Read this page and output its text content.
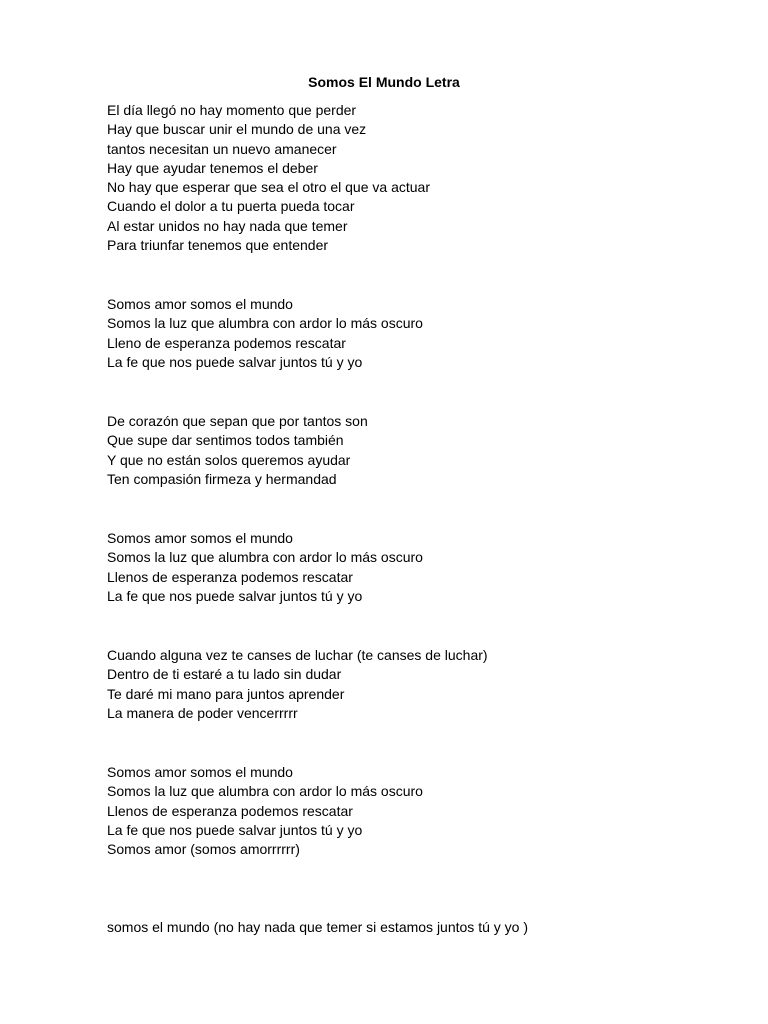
Somos El Mundo Letra
El día llegó no hay momento que perder
Hay que buscar unir el mundo de una vez
tantos necesitan un nuevo amanecer
Hay que ayudar tenemos el deber
No hay que esperar que sea el otro el que va actuar
Cuando el dolor a tu puerta pueda tocar
Al estar unidos no hay nada que temer
Para triunfar tenemos que entender
Somos amor somos el mundo
Somos la luz que alumbra con ardor lo más oscuro
Lleno de esperanza podemos rescatar
La fe que nos puede salvar juntos tú y yo
De corazón que sepan que por tantos son
Que supe dar sentimos todos también
Y que no están solos queremos ayudar
Ten compasión firmeza y hermandad
Somos amor somos el mundo
Somos la luz que alumbra con ardor lo más oscuro
Llenos de esperanza podemos rescatar
La fe que nos puede salvar juntos tú y yo
Cuando alguna vez te canses de luchar (te canses de luchar)
Dentro de ti estaré a tu lado sin dudar
Te daré mi mano para juntos aprender
La manera de poder vencerrrrr
Somos amor somos el mundo
Somos la luz que alumbra con ardor lo más oscuro
Llenos de esperanza podemos rescatar
La fe que nos puede salvar juntos tú y yo
Somos amor (somos amorrrrrr)
somos el mundo (no hay nada que temer si estamos juntos tú y yo )
